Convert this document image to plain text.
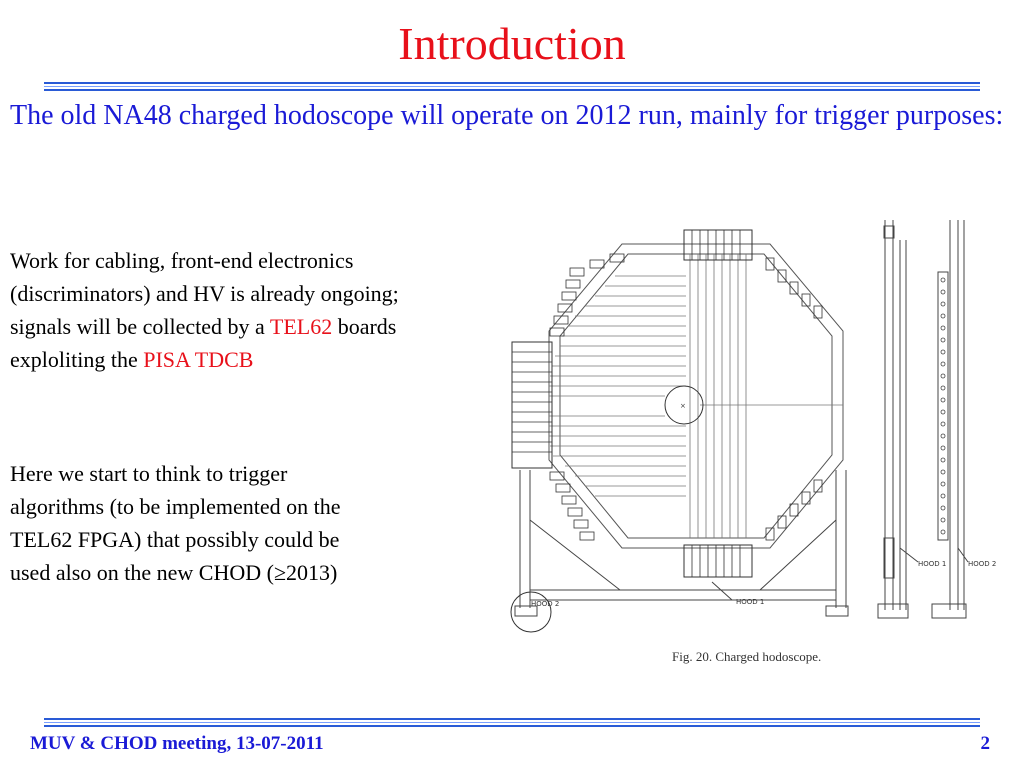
Introduction
The old NA48 charged hodoscope will operate on 2012 run, mainly for trigger purposes:
Work for cabling, front-end electronics
(discriminators) and HV is already ongoing;
signals will be collected by a TEL62 boards
exploliting the PISA TDCB
Here we start to think to trigger
algorithms (to be implemented on the
TEL62 FPGA) that possibly could be
used also on the new CHOD (≥2013)
HOOD 2	HOOD 1
HOOD 1	HOOD 2
×
Fig. 20. Charged hodoscope.
MUV & CHOD meeting, 13-07-2011	2
